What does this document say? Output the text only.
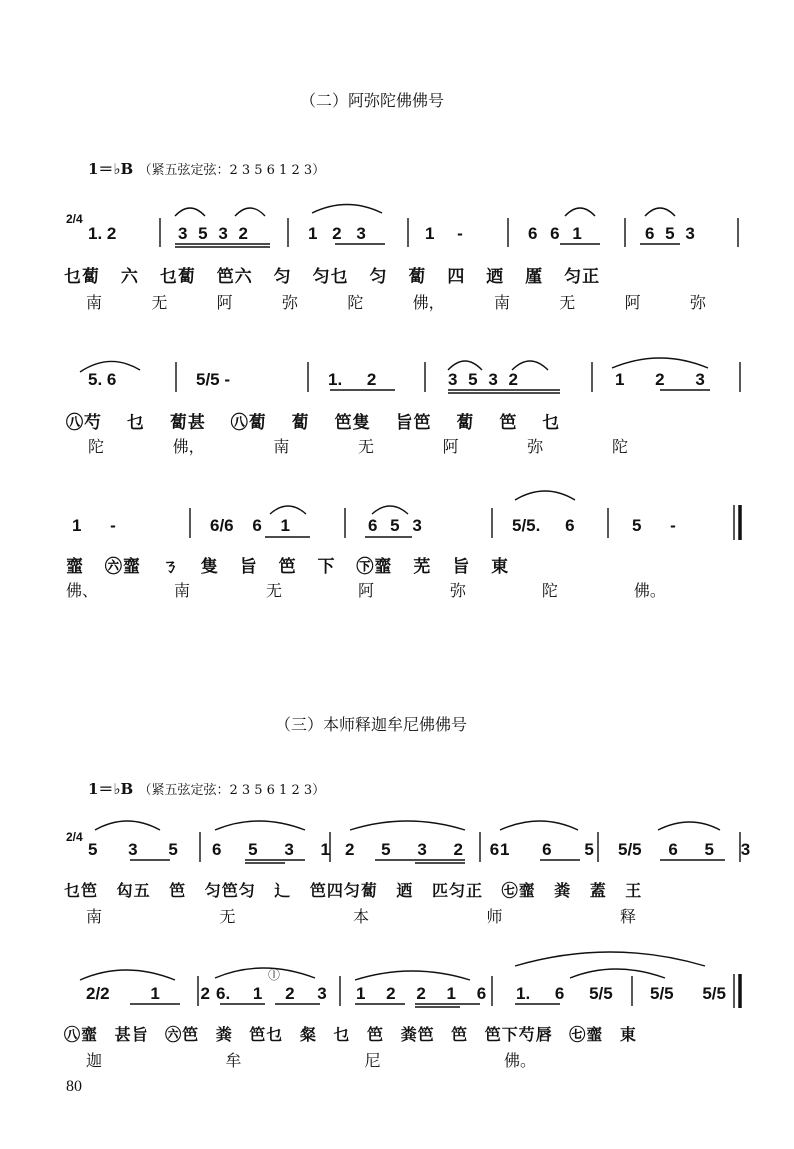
（二）阿弥陀佛佛号
1＝♭B （紧五弦定弦：2 3 5 6 1 2 3）
2/4
1. 2	3 5 3 2	1 2 3	1 -	6 6 1	6 5 3
乜蔔 六 乜蔔 笆六 匀 匀乜 匀 蔔 四 迺 厪 匀正
南	无	阿	弥	陀	佛，	南	无	阿	弥
5. 6	5/5 -	1. 2	3 5 3 2	1 2 3
㊇芍 乜 蔔甚 ㊇蔔 蔔 笆隻 旨笆 蔔 笆 乜
陀	佛，	南	无	阿	弥	陀
1 -	6/6 6 1	6 5 3	5/5. 6	5 -
韲 ㊅韲 ㄋ 隻 旨 笆 下 ㊦韲 芜 旨 東
佛、	南	无	阿	弥	陀	佛。
（三）本师释迦牟尼佛佛号
1＝♭B （紧五弦定弦：2 3 5 6 1 2 3）
2/4
5 3 5 6 5 3 1 2 5 3 2 6 1 6 5 5/5 6 5 3
乜笆 匃五 笆 匀笆匀 辶 笆四匀蔔 迺 匹匀正 ㊆韲 粪 蓋 王
南	无	本	师	释
2/2 1 2 6. 1 2 3
ⓛ
1 2 2 1 6 1. 6 5/5 5/5 5/5
㊇韲 甚旨 ㊅笆 粪 笆乜 粲 乜 笆 粪笆 笆 笆下芍唇 ㊆韲 東
迦	牟	尼	佛。
80
